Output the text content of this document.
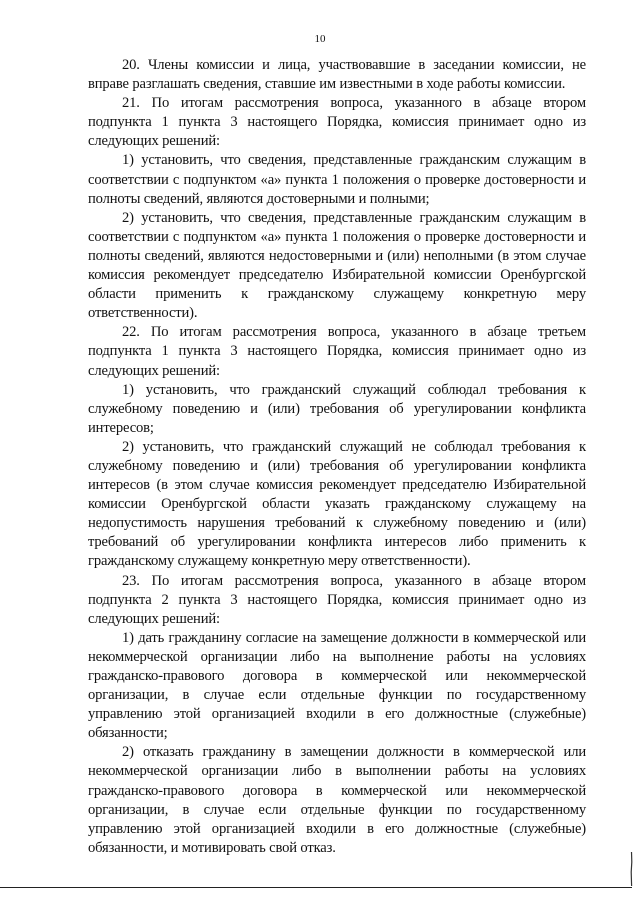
10

20. Члены комиссии и лица, участвовавшие в заседании комиссии, не вправе разглашать сведения, ставшие им известными в ходе работы комиссии.

21. По итогам рассмотрения вопроса, указанного в абзаце втором подпункта 1 пункта 3 настоящего Порядка, комиссия принимает одно из следующих решений:

1) установить, что сведения, представленные гражданским служащим в соответствии с подпунктом «а» пункта 1 положения о проверке достоверности и полноты сведений, являются достоверными и полными;

2) установить, что сведения, представленные гражданским служащим в соответствии с подпунктом «а» пункта 1 положения о проверке достоверности и полноты сведений, являются недостоверными и (или) неполными (в этом случае комиссия рекомендует председателю Избирательной комиссии Оренбургской области применить к гражданскому служащему конкретную меру ответственности).

22. По итогам рассмотрения вопроса, указанного в абзаце третьем подпункта 1 пункта 3 настоящего Порядка, комиссия принимает одно из следующих решений:

1) установить, что гражданский служащий соблюдал требования к служебному поведению и (или) требования об урегулировании конфликта интересов;

2) установить, что гражданский служащий не соблюдал требования к служебному поведению и (или) требования об урегулировании конфликта интересов (в этом случае комиссия рекомендует председателю Избирательной комиссии Оренбургской области указать гражданскому служащему на недопустимость нарушения требований к служебному поведению и (или) требований об урегулировании конфликта интересов либо применить к гражданскому служащему конкретную меру ответственности).

23. По итогам рассмотрения вопроса, указанного в абзаце втором подпункта 2 пункта 3 настоящего Порядка, комиссия принимает одно из следующих решений:

1) дать гражданину согласие на замещение должности в коммерческой или некоммерческой организации либо на выполнение работы на условиях гражданско-правового договора в коммерческой или некоммерческой организации, в случае если отдельные функции по государственному управлению этой организацией входили в его должностные (служебные) обязанности;

2) отказать гражданину в замещении должности в коммерческой или некоммерческой организации либо в выполнении работы на условиях гражданско-правового договора в коммерческой или некоммерческой организации, в случае если отдельные функции по государственному управлению этой организацией входили в его должностные (служебные) обязанности, и мотивировать свой отказ.
